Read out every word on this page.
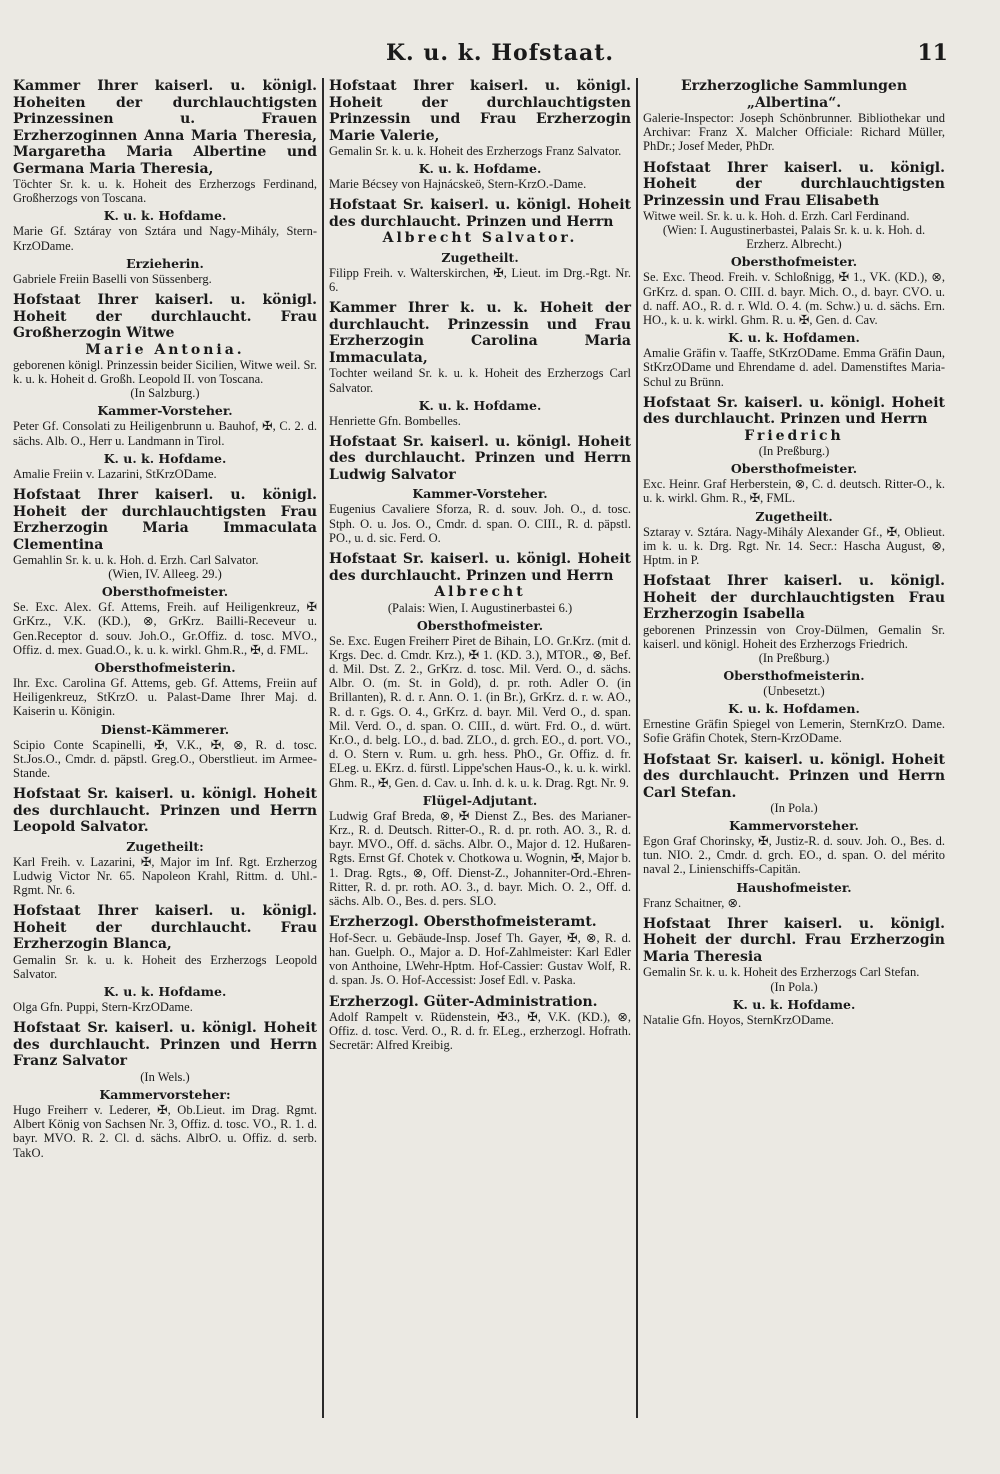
K. u. k. Hofstaat.	11

Kammer Ihrer kaiserl. u. königl. Hoheiten der durchlauchtigsten Prinzessinen u. Frauen Erzherzoginnen Anna Maria Theresia, Margaretha Maria Albertine und Germana Maria Theresia,

Töchter Sr. k. u. k. Hoheit des Erzherzogs Ferdinand, Großherzogs von Toscana.

K. u. k. Hofdame.

Marie Gf. Sztáray von Sztára und Nagy-Mihály, Stern-KrzODame.

Erzieherin.

Gabriele Freiin Baselli von Süssenberg.

Hofstaat Ihrer kaiserl. u. königl. Hoheit der durchlaucht. Frau Großherzogin Witwe

Marie Antonia.

geborenen königl. Prinzessin beider Sicilien, Witwe weil. Sr. k. u. k. Hoheit d. Großh. Leopold II. von Toscana.

(In Salzburg.)
Kammer-Vorsteher.

Peter Gf. Consolati zu Heiligenbrunn u. Bauhof, ✠, C. 2. d. sächs. Alb. O., Herr u. Landmann in Tirol.

K. u. k. Hofdame.

Amalie Freiin v. Lazarini, StKrzODame.

Hofstaat Ihrer kaiserl. u. königl. Hoheit der durchlauchtigsten Frau Erzherzogin Maria Immaculata Clementina

Gemahlin Sr. k. u. k. Hoh. d. Erzh. Carl Salvator.

(Wien, IV. Alleeg. 29.)
Obersthofmeister.

Se. Exc. Alex. Gf. Attems, Freih. auf Heiligenkreuz, ✠ GrKrz., V.K. (KD.), ⊗, GrKrz. Bailli-Receveur u. Gen.Receptor d. souv. Joh.O., Gr.Offiz. d. tosc. MVO., Offiz. d. mex. Guad.O., k. u. k. wirkl. Ghm.R., ✠, d. FML.

Obersthofmeisterin.

Ihr. Exc. Carolina Gf. Attems, geb. Gf. Attems, Freiin auf Heiligenkreuz, StKrzO. u. Palast-Dame Ihrer Maj. d. Kaiserin u. Königin.

Dienst-Kämmerer.

Scipio Conte Scapinelli, ✠, V.K., ✠, ⊗, R. d. tosc. St.Jos.O., Cmdr. d. päpstl. Greg.O., Oberstlieut. im Armee-Stande.

Hofstaat Sr. kaiserl. u. königl. Hoheit des durchlaucht. Prinzen und Herrn Leopold Salvator.

Zugetheilt:

Karl Freih. v. Lazarini, ✠, Major im Inf. Rgt. Erzherzog Ludwig Victor Nr. 65. Napoleon Krahl, Rittm. d. Uhl.-Rgmt. Nr. 6.

Hofstaat Ihrer kaiserl. u. königl. Hoheit der durchlaucht. Frau Erzherzogin Blanca,

Gemalin Sr. k. u. k. Hoheit des Erzherzogs Leopold Salvator.

K. u. k. Hofdame.

Olga Gfn. Puppi, Stern-KrzODame.

Hofstaat Sr. kaiserl. u. königl. Hoheit des durchlaucht. Prinzen und Herrn Franz Salvator

(In Wels.)
Kammervorsteher:

Hugo Freiherr v. Lederer, ✠, Ob.Lieut. im Drag. Rgmt. Albert König von Sachsen Nr. 3, Offiz. d. tosc. VO., R. 1. d. bayr. MVO. R. 2. Cl. d. sächs. AlbrO. u. Offiz. d. serb. TakO.

Hofstaat Ihrer kaiserl. u. königl. Hoheit der durchlauchtigsten Prinzessin und Frau Erzherzogin Marie Valerie,

Gemalin Sr. k. u. k. Hoheit des Erzherzogs Franz Salvator.

K. u. k. Hofdame.

Marie Bécsey von Hajnácskeö, Stern-KrzO.-Dame.

Hofstaat Sr. kaiserl. u. königl. Hoheit des durchlaucht. Prinzen und Herrn

Albrecht Salvator.

Zugetheilt.

Filipp Freih. v. Walterskirchen, ✠, Lieut. im Drg.-Rgt. Nr. 6.

Kammer Ihrer k. u. k. Hoheit der durchlaucht. Prinzessin und Frau Erzherzogin Carolina Maria Immaculata,

Tochter weiland Sr. k. u. k. Hoheit des Erzherzogs Carl Salvator.

K. u. k. Hofdame.

Henriette Gfn. Bombelles.

Hofstaat Sr. kaiserl. u. königl. Hoheit des durchlaucht. Prinzen und Herrn Ludwig Salvator

Kammer-Vorsteher.

Eugenius Cavaliere Sforza, R. d. souv. Joh. O., d. tosc. Stph. O. u. Jos. O., Cmdr. d. span. O. CIII., R. d. päpstl. PO., u. d. sic. Ferd. O.

Hofstaat Sr. kaiserl. u. königl. Hoheit des durchlaucht. Prinzen und Herrn

Albrecht

(Palais: Wien, I. Augustinerbastei 6.)
Obersthofmeister.

Se. Exc. Eugen Freiherr Piret de Bihain, LO. Gr.Krz. (mit d. Krgs. Dec. d. Cmdr. Krz.), ✠ 1. (KD. 3.), MTOR., ⊗, Bef. d. Mil. Dst. Z. 2., GrKrz. d. tosc. Mil. Verd. O., d. sächs. Albr. O. (m. St. in Gold), d. pr. roth. Adler O. (in Brillanten), R. d. r. Ann. O. 1. (in Br.), GrKrz. d. r. w. AO., R. d. r. Ggs. O. 4., GrKrz. d. bayr. Mil. Verd O., d. span. Mil. Verd. O., d. span. O. CIII., d. würt. Frd. O., d. würt. Kr.O., d. belg. LO., d. bad. ZLO., d. grch. EO., d. port. VO., d. O. Stern v. Rum. u. grh. hess. PhO., Gr. Offiz. d. fr. ELeg. u. EKrz. d. fürstl. Lippe'schen Haus-O., k. u. k. wirkl. Ghm. R., ✠, Gen. d. Cav. u. Inh. d. k. u. k. Drag. Rgt. Nr. 9.

Flügel-Adjutant.

Ludwig Graf Breda, ⊗, ✠ Dienst Z., Bes. des Marianer-Krz., R. d. Deutsch. Ritter-O., R. d. pr. roth. AO. 3., R. d. bayr. MVO., Off. d. sächs. Albr. O., Major d. 12. Hußaren-Rgts. Ernst Gf. Chotek v. Chotkowa u. Wognin, ✠, Major b. 1. Drag. Rgts., ⊗, Off. Dienst-Z., Johanniter-Ord.-Ehren-Ritter, R. d. pr. roth. AO. 3., d. bayr. Mich. O. 2., Off. d. sächs. Alb. O., Bes. d. pers. SLO.

Erzherzogl. Obersthofmeisteramt.

Hof-Secr. u. Gebäude-Insp. Josef Th. Gayer, ✠, ⊗, R. d. han. Guelph. O., Major a. D. Hof-Zahlmeister: Karl Edler von Anthoine, LWehr-Hptm. Hof-Cassier: Gustav Wolf, R. d. span. Js. O. Hof-Accessist: Josef Edl. v. Paska.

Erzherzogl. Güter-Administration.

Adolf Rampelt v. Rüdenstein, ✠3., ✠, V.K. (KD.), ⊗, Offiz. d. tosc. Verd. O., R. d. fr. ELeg., erzherzogl. Hofrath. Secretär: Alfred Kreibig.

Erzherzogliche Sammlungen „Albertina“.

Galerie-Inspector: Joseph Schönbrunner. Bibliothekar und Archivar: Franz X. Malcher Officiale: Richard Müller, PhDr.; Josef Meder, PhDr.

Hofstaat Ihrer kaiserl. u. königl. Hoheit der durchlauchtigsten Prinzessin und Frau Elisabeth

Witwe weil. Sr. k. u. k. Hoh. d. Erzh. Carl Ferdinand.

(Wien: I. Augustinerbastei, Palais Sr. k. u. k. Hoh. d. Erzherz. Albrecht.)
Obersthofmeister.

Se. Exc. Theod. Freih. v. Schloßnigg, ✠ 1., VK. (KD.), ⊗, GrKrz. d. span. O. CIII. d. bayr. Mich. O., d. bayr. CVO. u. d. naff. AO., R. d. r. Wld. O. 4. (m. Schw.) u. d. sächs. Ern. HO., k. u. k. wirkl. Ghm. R. u. ✠, Gen. d. Cav.

K. u. k. Hofdamen.

Amalie Gräfin v. Taaffe, StKrzODame. Emma Gräfin Daun, StKrzODame und Ehrendame d. adel. Damenstiftes Maria-Schul zu Brünn.

Hofstaat Sr. kaiserl. u. königl. Hoheit des durchlaucht. Prinzen und Herrn

Friedrich

(In Preßburg.)
Obersthofmeister.

Exc. Heinr. Graf Herberstein, ⊗, C. d. deutsch. Ritter-O., k. u. k. wirkl. Ghm. R., ✠, FML.

Zugetheilt.

Sztaray v. Sztára. Nagy-Mihály Alexander Gf., ✠, Oblieut. im k. u. k. Drg. Rgt. Nr. 14. Secr.: Hascha August, ⊗, Hptm. in P.

Hofstaat Ihrer kaiserl. u. königl. Hoheit der durchlauchtigsten Frau Erzherzogin Isabella

geborenen Prinzessin von Croy-Dülmen, Gemalin Sr. kaiserl. und königl. Hoheit des Erzherzogs Friedrich.

(In Preßburg.)
Obersthofmeisterin.
(Unbesetzt.)
K. u. k. Hofdamen.

Ernestine Gräfin Spiegel von Lemerin, SternKrzO. Dame. Sofie Gräfin Chotek, Stern-KrzODame.

Hofstaat Sr. kaiserl. u. königl. Hoheit des durchlaucht. Prinzen und Herrn Carl Stefan.

(In Pola.)
Kammervorsteher.

Egon Graf Chorinsky, ✠, Justiz-R. d. souv. Joh. O., Bes. d. tun. NIO. 2., Cmdr. d. grch. EO., d. span. O. del mérito naval 2., Linienschiffs-Capitän.

Haushofmeister.

Franz Schaitner, ⊗.

Hofstaat Ihrer kaiserl. u. königl. Hoheit der durchl. Frau Erzherzogin Maria Theresia

Gemalin Sr. k. u. k. Hoheit des Erzherzogs Carl Stefan.

(In Pola.)
K. u. k. Hofdame.

Natalie Gfn. Hoyos, SternKrzODame.
